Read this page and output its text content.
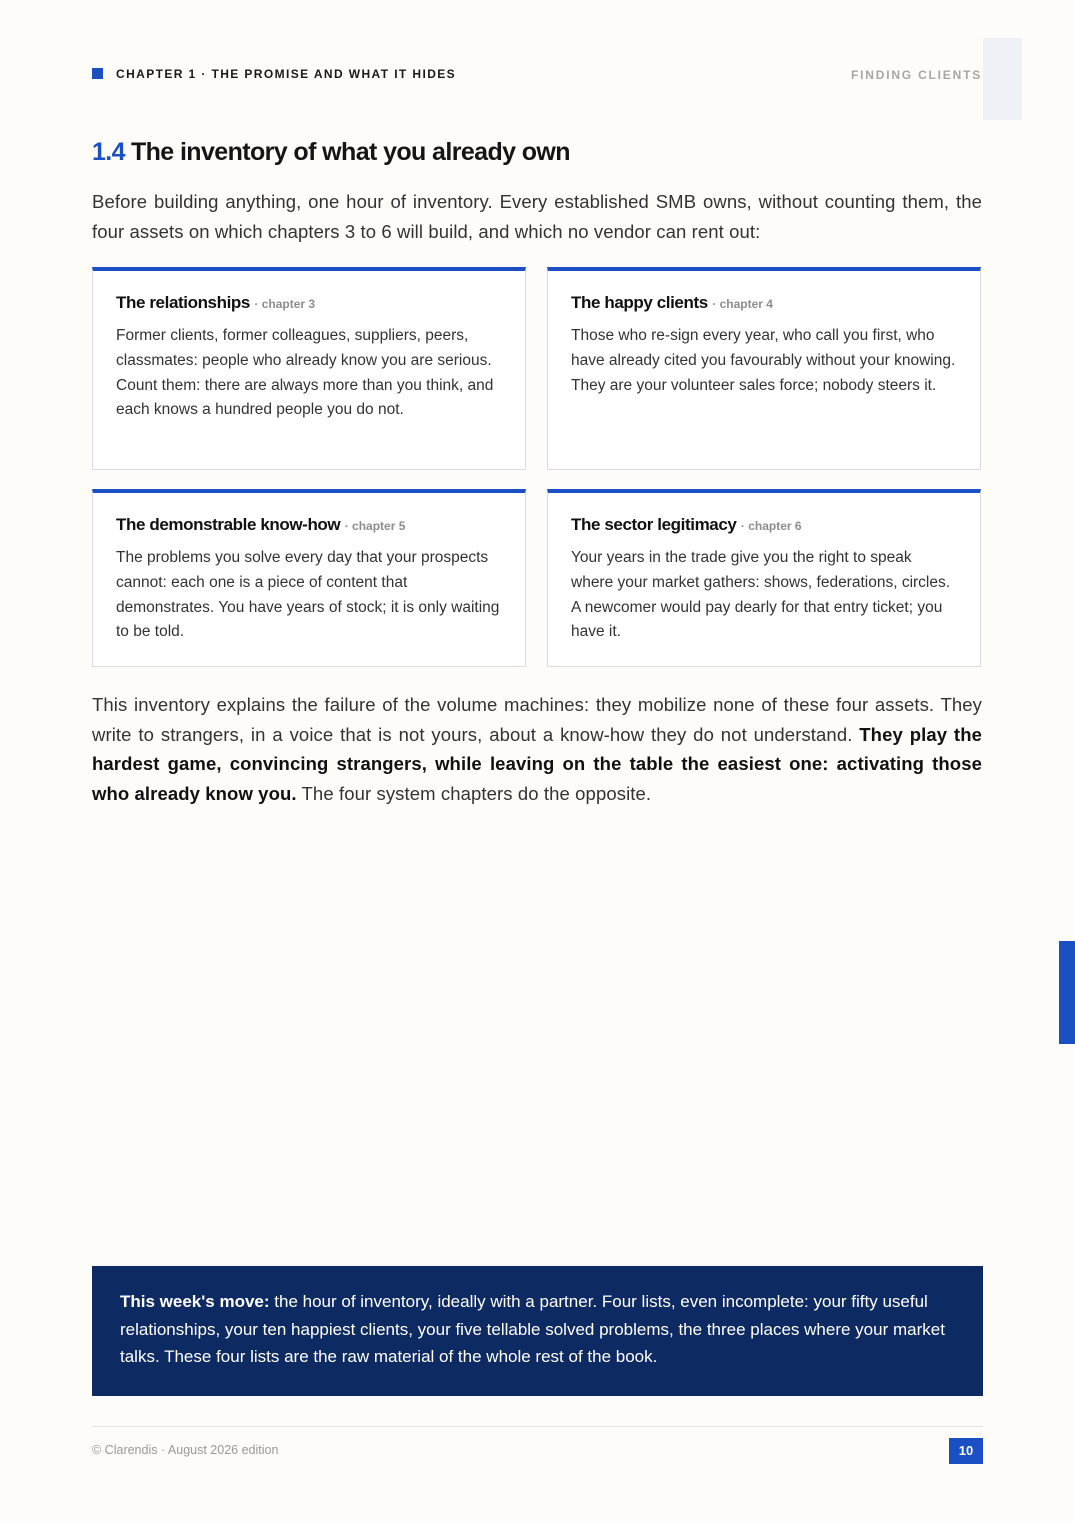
CHAPTER 1 · THE PROMISE AND WHAT IT HIDES	FINDING CLIENTS
1.4 The inventory of what you already own
Before building anything, one hour of inventory. Every established SMB owns, without counting them, the four assets on which chapters 3 to 6 will build, and which no vendor can rent out:
The relationships · chapter 3
Former clients, former colleagues, suppliers, peers, classmates: people who already know you are serious. Count them: there are always more than you think, and each knows a hundred people you do not.
The happy clients · chapter 4
Those who re-sign every year, who call you first, who have already cited you favourably without your knowing. They are your volunteer sales force; nobody steers it.
The demonstrable know-how · chapter 5
The problems you solve every day that your prospects cannot: each one is a piece of content that demonstrates. You have years of stock; it is only waiting to be told.
The sector legitimacy · chapter 6
Your years in the trade give you the right to speak where your market gathers: shows, federations, circles. A newcomer would pay dearly for that entry ticket; you have it.
This inventory explains the failure of the volume machines: they mobilize none of these four assets. They write to strangers, in a voice that is not yours, about a know-how they do not understand. They play the hardest game, convincing strangers, while leaving on the table the easiest one: activating those who already know you. The four system chapters do the opposite.

This week's move: the hour of inventory, ideally with a partner. Four lists, even incomplete: your fifty useful relationships, your ten happiest clients, your five tellable solved problems, the three places where your market talks. These four lists are the raw material of the whole rest of the book.

© Clarendis · August 2026 edition	10
